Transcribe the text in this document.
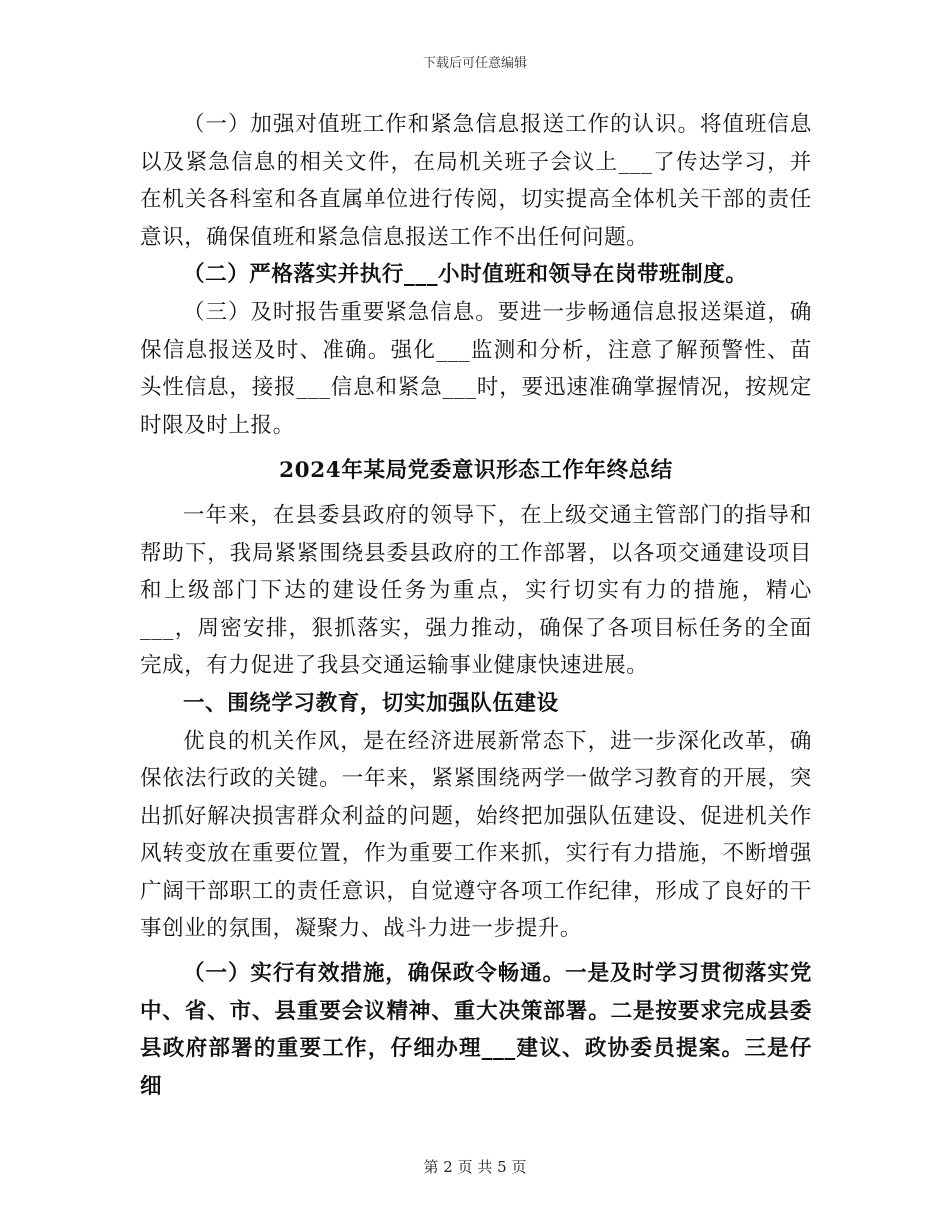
下载后可任意编辑

（一）加强对值班工作和紧急信息报送工作的认识。将值班信息以及紧急信息的相关文件，在局机关班子会议上___了传达学习，并在机关各科室和各直属单位进行传阅，切实提高全体机关干部的责任意识，确保值班和紧急信息报送工作不出任何问题。

（二）严格落实并执行___小时值班和领导在岗带班制度。

（三）及时报告重要紧急信息。要进一步畅通信息报送渠道，确保信息报送及时、准确。强化___监测和分析，注意了解预警性、苗头性信息，接报___信息和紧急___时，要迅速准确掌握情况，按规定时限及时上报。

2024年某局党委意识形态工作年终总结

一年来，在县委县政府的领导下，在上级交通主管部门的指导和帮助下，我局紧紧围绕县委县政府的工作部署，以各项交通建设项目和上级部门下达的建设任务为重点，实行切实有力的措施，精心___，周密安排，狠抓落实，强力推动，确保了各项目标任务的全面完成，有力促进了我县交通运输事业健康快速进展。

一、围绕学习教育，切实加强队伍建设

优良的机关作风，是在经济进展新常态下，进一步深化改革，确保依法行政的关键。一年来，紧紧围绕两学一做学习教育的开展，突出抓好解决损害群众利益的问题，始终把加强队伍建设、促进机关作风转变放在重要位置，作为重要工作来抓，实行有力措施，不断增强广阔干部职工的责任意识，自觉遵守各项工作纪律，形成了良好的干事创业的氛围，凝聚力、战斗力进一步提升。

（一）实行有效措施，确保政令畅通。一是及时学习贯彻落实党中、省、市、县重要会议精神、重大决策部署。二是按要求完成县委县政府部署的重要工作，仔细办理___建议、政协委员提案。三是仔细

第 2 页 共 5 页
